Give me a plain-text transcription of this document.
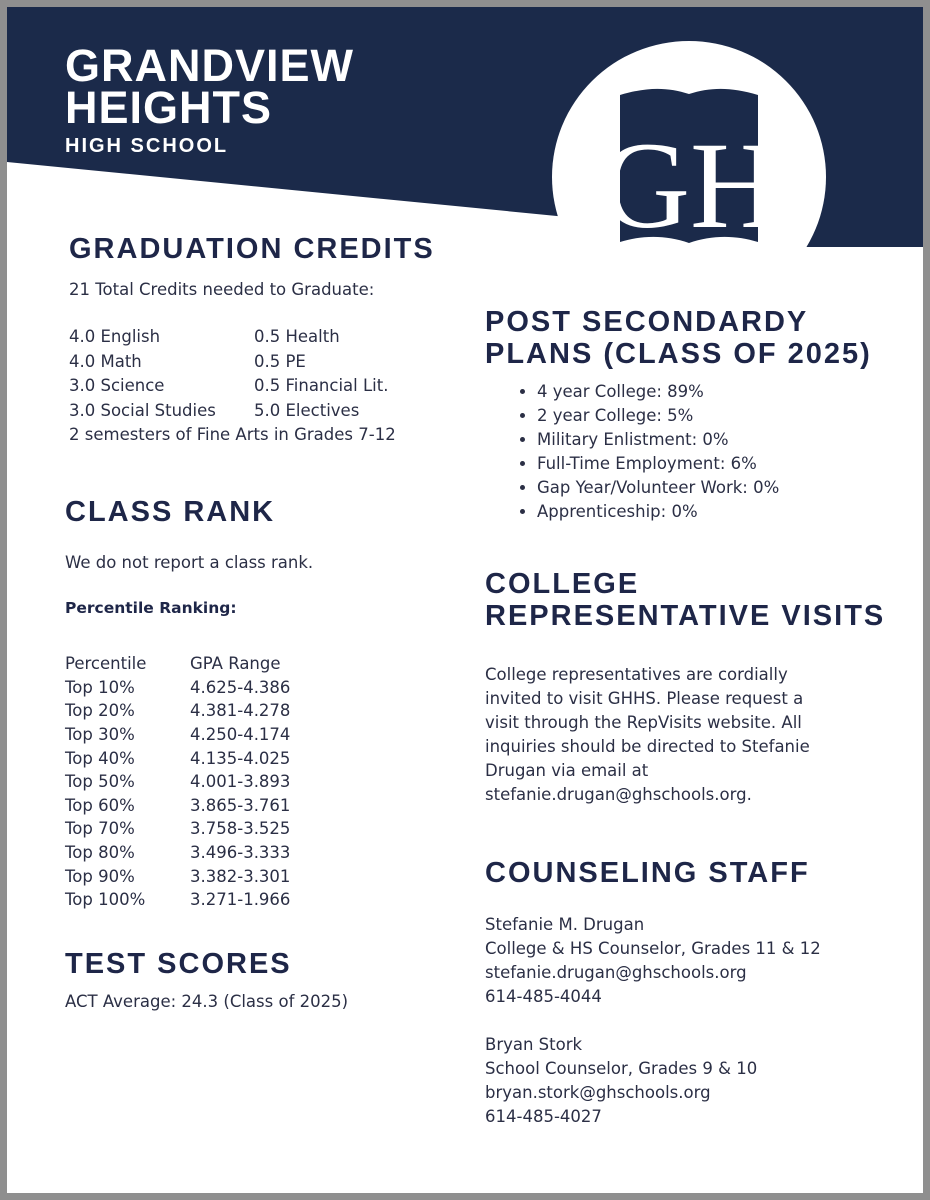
GRANDVIEW
HEIGHTS
HIGH SCHOOL	GH
GRADUATION CREDITS
21 Total Credits needed to Graduate:
4.0 English	0.5 Health
4.0 Math	0.5 PE
3.0 Science	0.5 Financial Lit.
3.0 Social Studies	5.0 Electives
2 semesters of Fine Arts in Grades 7-12
CLASS RANK
We do not report a class rank.
Percentile Ranking:
Percentile	GPA Range
Top 10%	4.625-4.386
Top 20%	4.381-4.278
Top 30%	4.250-4.174
Top 40%	4.135-4.025
Top 50%	4.001-3.893
Top 60%	3.865-3.761
Top 70%	3.758-3.525
Top 80%	3.496-3.333
Top 90%	3.382-3.301
Top 100%	3.271-1.966
TEST SCORES
ACT Average: 24.3 (Class of 2025)
POST SECONDARDY
PLANS (CLASS OF 2025)
• 4 year College: 89%
• 2 year College: 5%
• Military Enlistment: 0%
• Full-Time Employment: 6%
• Gap Year/Volunteer Work: 0%
• Apprenticeship: 0%
COLLEGE
REPRESENTATIVE VISITS
College representatives are cordially
invited to visit GHHS. Please request a
visit through the RepVisits website. All
inquiries should be directed to Stefanie
Drugan via email at
stefanie.drugan@ghschools.org.
COUNSELING STAFF
Stefanie M. Drugan
College & HS Counselor, Grades 11 & 12
stefanie.drugan@ghschools.org
614-485-4044
Bryan Stork
School Counselor, Grades 9 & 10
bryan.stork@ghschools.org
614-485-4027
